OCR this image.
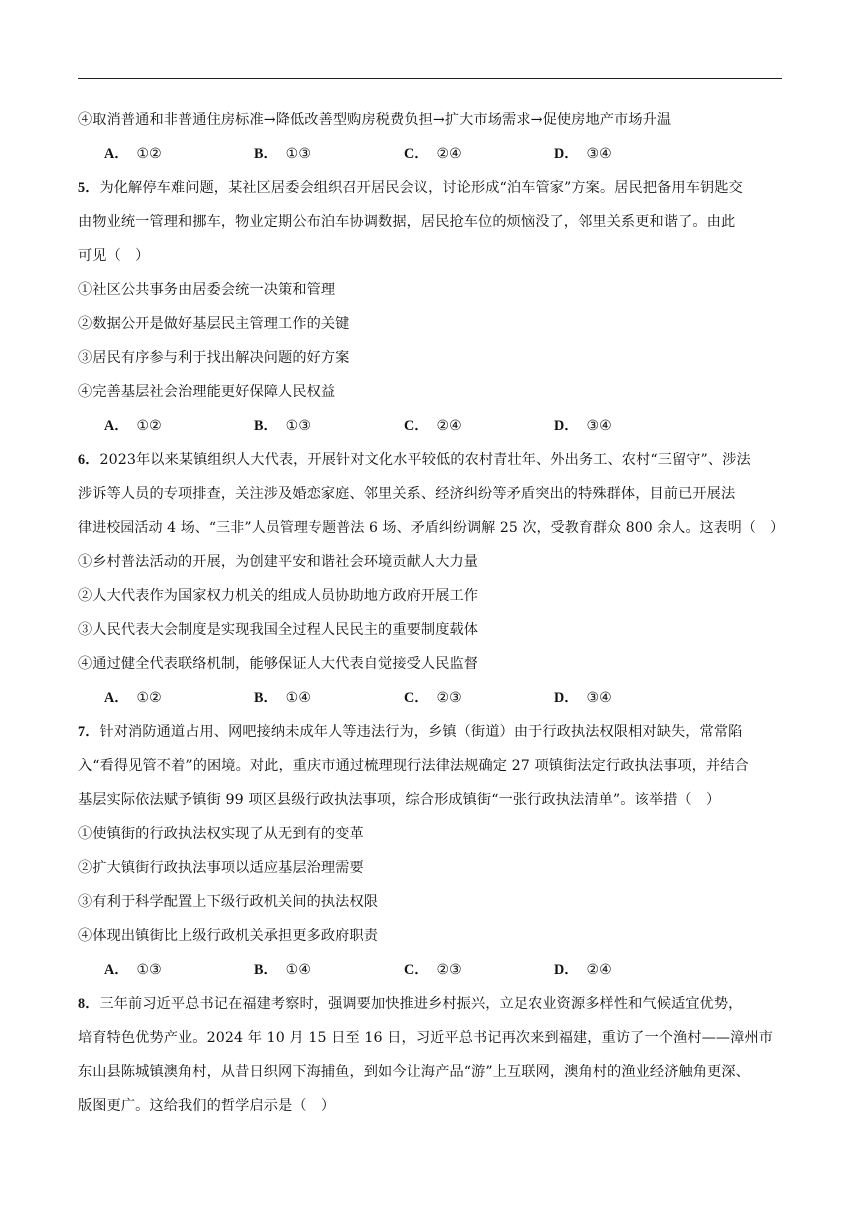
④取消普通和非普通住房标准→降低改善型购房税费负担→扩大市场需求→促使房地产市场升温
A． ①②	B． ①③	C． ②④	D． ③④
5．为化解停车难问题，某社区居委会组织召开居民会议，讨论形成“泊车管家”方案。居民把备用车钥匙交
由物业统一管理和挪车，物业定期公布泊车协调数据，居民抢车位的烦恼没了，邻里关系更和谐了。由此
可见（　）
①社区公共事务由居委会统一决策和管理
②数据公开是做好基层民主管理工作的关键
③居民有序参与利于找出解决问题的好方案
④完善基层社会治理能更好保障人民权益
A． ①②	B． ①③	C． ②④	D． ③④
6．2023年以来某镇组织人大代表，开展针对文化水平较低的农村青壮年、外出务工、农村“三留守”、涉法
涉诉等人员的专项排查，关注涉及婚恋家庭、邻里关系、经济纠纷等矛盾突出的特殊群体，目前已开展法
律进校园活动 4 场、“三非”人员管理专题普法 6 场、矛盾纠纷调解 25 次，受教育群众 800 余人。这表明（　）
①乡村普法活动的开展，为创建平安和谐社会环境贡献人大力量
②人大代表作为国家权力机关的组成人员协助地方政府开展工作
③人民代表大会制度是实现我国全过程人民民主的重要制度载体
④通过健全代表联络机制，能够保证人大代表自觉接受人民监督
A． ①②	B． ①④	C． ②③	D． ③④
7．针对消防通道占用、网吧接纳未成年人等违法行为，乡镇（街道）由于行政执法权限相对缺失，常常陷
入“看得见管不着”的困境。对此，重庆市通过梳理现行法律法规确定 27 项镇街法定行政执法事项，并结合
基层实际依法赋予镇街 99 项区县级行政执法事项，综合形成镇街“一张行政执法清单”。该举措（　）
①使镇街的行政执法权实现了从无到有的变革
②扩大镇街行政执法事项以适应基层治理需要
③有利于科学配置上下级行政机关间的执法权限
④体现出镇街比上级行政机关承担更多政府职责
A． ①③	B． ①④	C． ②③	D． ②④
8．三年前习近平总书记在福建考察时，强调要加快推进乡村振兴，立足农业资源多样性和气候适宜优势，
培育特色优势产业。2024 年 10 月 15 日至 16 日，习近平总书记再次来到福建，重访了一个渔村——漳州市
东山县陈城镇澳角村，从昔日织网下海捕鱼，到如今让海产品“游”上互联网，澳角村的渔业经济触角更深、
版图更广。这给我们的哲学启示是（　）
